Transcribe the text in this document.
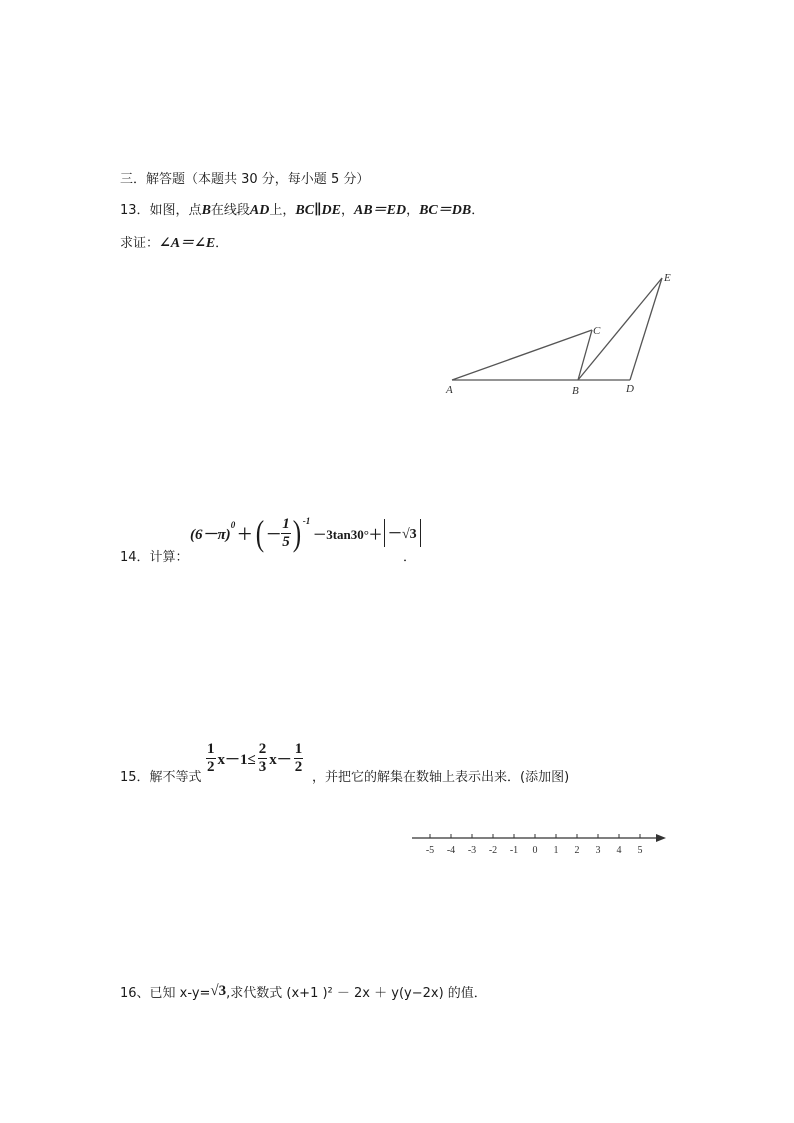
三．解答题（本题共 30 分，每小题 5 分）
13．如图，点B在线段AD上，BC∥DE，AB＝ED，BC＝DB．
求证：∠A＝∠E．
A	B
C
D
E
14．计算：
(6－π)
$^0$
＋ ( － $\frac{1}{5} )^{-1}$
－3tan30°＋ －√3
．
15．解不等式
$\frac{1}{2} x-1\le \frac{2}{3} x- \frac{1}{2}$
，并把它的解集在数轴上表示出来．(添加图)
-5 -4 -3 -2 -1 0 1 2 3 4 5
16、 已知 x-y= √3 ,求代数式 (x+1 )² － 2x ＋ y(y−2x) 的值．
